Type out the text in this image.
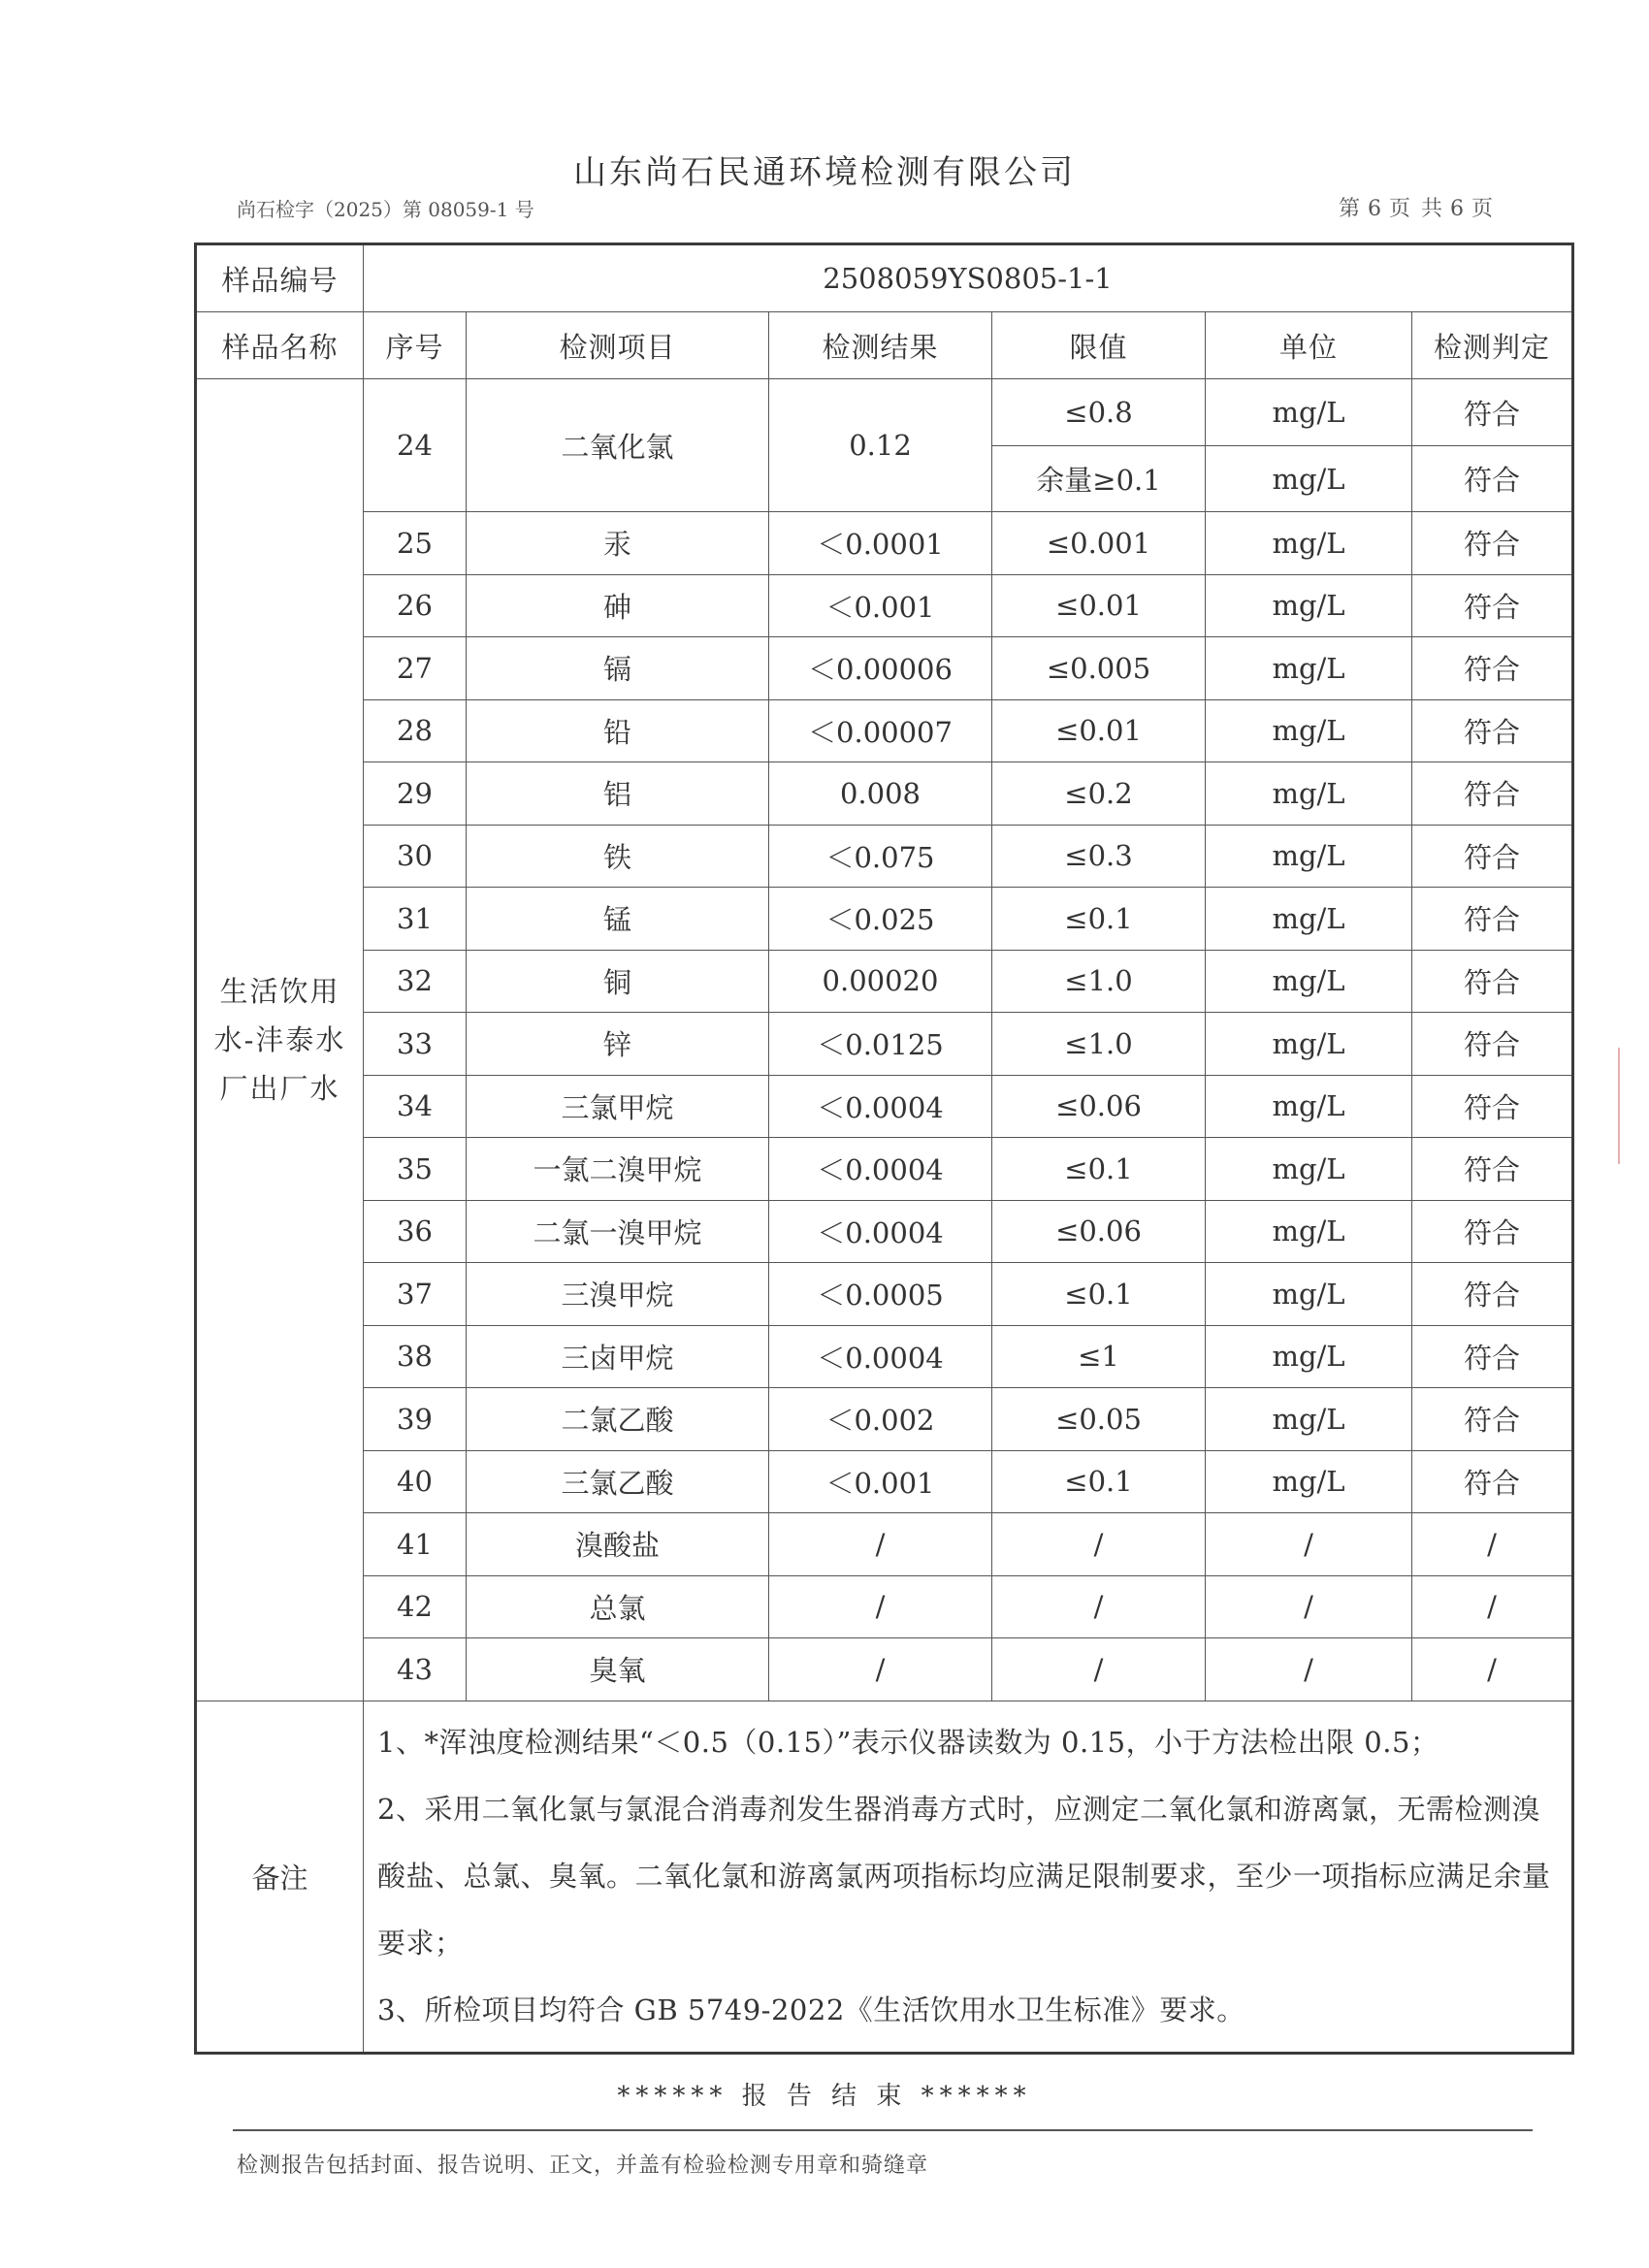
山东尚石民通环境检测有限公司
尚石检字（2025）第 08059-1 号	第 6 页 共 6 页
样品编号	2508059YS0805-1-1					
样品名称	序号	检测项目	检测结果	限值	单位	检测判定
生活饮用水-沣泰水厂出厂水	24	二氧化氯	0.12	≤0.8	mg/L	符合
				余量≥0.1	mg/L	符合
	25	汞	＜0.0001	≤0.001	mg/L	符合
	26	砷	＜0.001	≤0.01	mg/L	符合
	27	镉	＜0.00006	≤0.005	mg/L	符合
	28	铅	＜0.00007	≤0.01	mg/L	符合
	29	铝	0.008	≤0.2	mg/L	符合
	30	铁	＜0.075	≤0.3	mg/L	符合
	31	锰	＜0.025	≤0.1	mg/L	符合
	32	铜	0.00020	≤1.0	mg/L	符合
	33	锌	＜0.0125	≤1.0	mg/L	符合
	34	三氯甲烷	＜0.0004	≤0.06	mg/L	符合
	35	一氯二溴甲烷	＜0.0004	≤0.1	mg/L	符合
	36	二氯一溴甲烷	＜0.0004	≤0.06	mg/L	符合
	37	三溴甲烷	＜0.0005	≤0.1	mg/L	符合
	38	三卤甲烷	＜0.0004	≤1	mg/L	符合
	39	二氯乙酸	＜0.002	≤0.05	mg/L	符合
	40	三氯乙酸	＜0.001	≤0.1	mg/L	符合
	41	溴酸盐	/	/	/	/
	42	总氯	/	/	/	/
	43	臭氧	/	/	/	/
备注	1、*浑浊度检测结果“＜0.5（0.15）”表示仪器读数为 0.15，小于方法检出限 0.5；

2、采用二氧化氯与氯混合消毒剂发生器消毒方式时，应测定二氧化氯和游离氯，无需检测溴酸盐、总氯、臭氧。二氧化氯和游离氯两项指标均应满足限制要求，至少一项指标应满足余量要求；

3、所检项目均符合 GB 5749-2022《生活饮用水卫生标准》要求。					

****** 报 告 结 束 ******
检测报告包括封面、报告说明、正文，并盖有检验检测专用章和骑缝章
